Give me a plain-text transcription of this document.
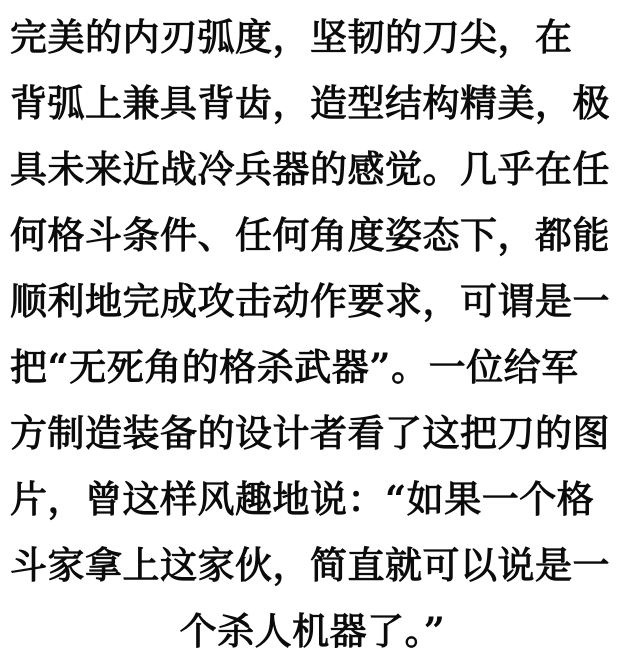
完美的内刃弧度，坚韧的刀尖，在
背弧上兼具背齿，造型结构精美，极
具未来近战冷兵器的感觉。几乎在任
何格斗条件、任何角度姿态下，都能
顺利地完成攻击动作要求，可谓是一
把“无死角的格杀武器”。一位给军
方制造装备的设计者看了这把刀的图
片，曾这样风趣地说：“如果一个格
斗家拿上这家伙，简直就可以说是一
个杀人机器了。”
